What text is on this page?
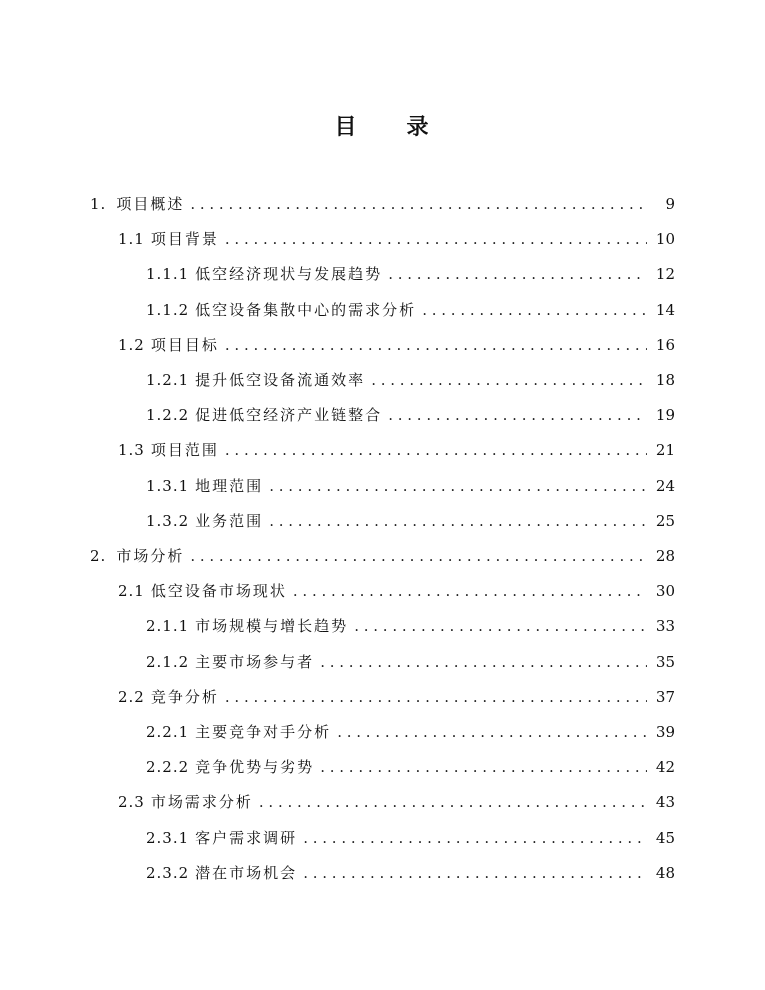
目 录
1. 项目概述 . . .	9
1.1 项目背景 . . .	10
1.1.1 低空经济现状与发展趋势 . . .	12
1.1.2 低空设备集散中心的需求分析 . . .	14
1.2 项目目标 . . .	16
1.2.1 提升低空设备流通效率 . . .	18
1.2.2 促进低空经济产业链整合 . . .	19
1.3 项目范围 . . .	21
1.3.1 地理范围 . . .	24
1.3.2 业务范围 . . .	25
2. 市场分析 . . .	28
2.1 低空设备市场现状 . . .	30
2.1.1 市场规模与增长趋势 . . .	33
2.1.2 主要市场参与者 . . .	35
2.2 竞争分析 . . .	37
2.2.1 主要竞争对手分析 . . .	39
2.2.2 竞争优势与劣势 . . .	42
2.3 市场需求分析 . . .	43
2.3.1 客户需求调研 . . .	45
2.3.2 潜在市场机会 . . .	48
